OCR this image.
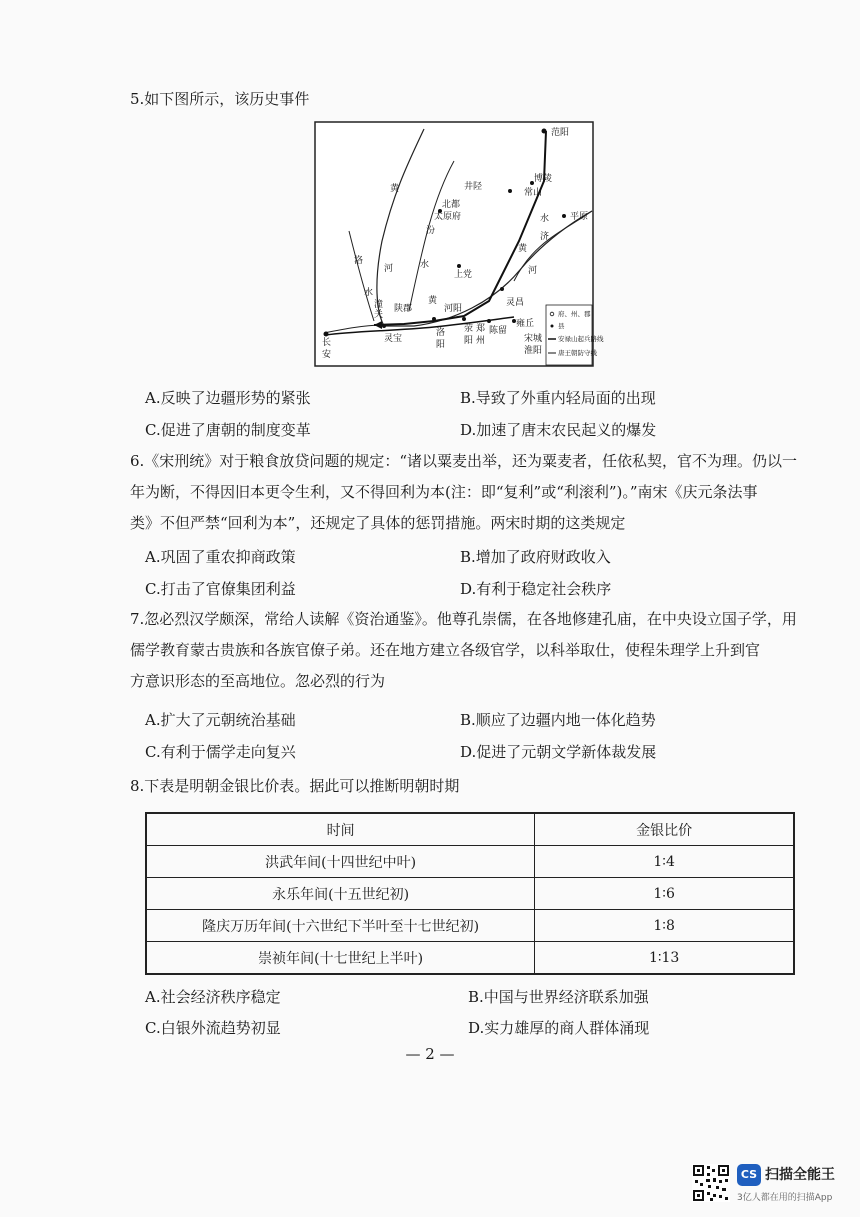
5.如下图所示，该历史事件
范阳
博陵
井陉
常山
北都
太原府	平原
上党
陕郡	河阳
灵昌
潼
关
灵宝
洛
阳
荥
阳
郑
州
陈留
雍丘
宋城
淮阳
长
安
济
水
黄
汾
洛
河
水
水
黄
黄
河
府、州、郡
县
安禄山起兵路线
唐王朝防守线
A.反映了边疆形势的紧张	B.导致了外重内轻局面的出现
C.促进了唐朝的制度变革	D.加速了唐末农民起义的爆发
6.《宋刑统》对于粮食放贷问题的规定：“诸以粟麦出举，还为粟麦者，任依私契，官不为理。仍以一
年为断，不得因旧本更令生利，又不得回利为本(注：即“复利”或“利滚利”)。”南宋《庆元条法事
类》不但严禁“回利为本”，还规定了具体的惩罚措施。两宋时期的这类规定
A.巩固了重农抑商政策	B.增加了政府财政收入
C.打击了官僚集团利益	D.有利于稳定社会秩序
7.忽必烈汉学颇深，常给人读解《资治通鉴》。他尊孔崇儒，在各地修建孔庙，在中央设立国子学，用
儒学教育蒙古贵族和各族官僚子弟。还在地方建立各级官学，以科举取仕，使程朱理学上升到官
方意识形态的至高地位。忽必烈的行为
A.扩大了元朝统治基础	B.顺应了边疆内地一体化趋势
C.有利于儒学走向复兴	D.促进了元朝文学新体裁发展
8.下表是明朝金银比价表。据此可以推断明朝时期
时间	金银比价
洪武年间(十四世纪中叶)	1∶4
永乐年间(十五世纪初)	1∶6
隆庆万历年间(十六世纪下半叶至十七世纪初)	1∶8
崇祯年间(十七世纪上半叶)	1∶13
A.社会经济秩序稳定	B.中国与世界经济联系加强
C.白银外流趋势初显	D.实力雄厚的商人群体涌现
— 2 —
CS 扫描全能王
3亿人都在用的扫描App
